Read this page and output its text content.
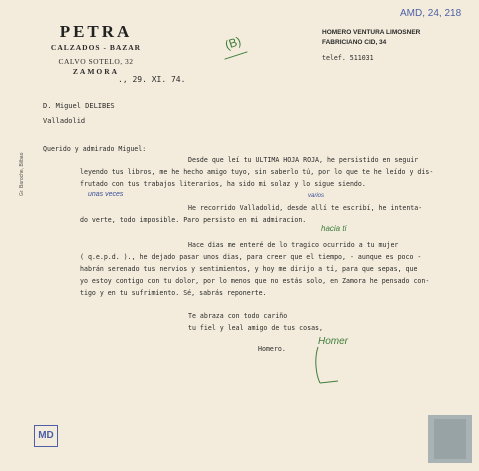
AMD, 24, 218
PETRA
CALZADOS - BAZAR
CALVO SOTELO, 32
ZAMORA
(B)
HOMERO VENTURA LIMOSNER
FABRICIANO CID, 34
telef. 511031
., 29. XI. 74.
D. Miguel DELIBES
Valladolid
Querido y admirado Miguel:
Desde que leí tu ULTIMA HOJA ROJA, he persistido en seguir
leyendo tus libros, me he hecho amigo tuyo, sin saberlo tú, por lo que te he leído y dis-
frutado con tus trabajos literarios, ha sido mi solaz y lo sigue siendo.
unas veces	varios
He recorrido Valladolid, desde allí te escribí, he intenta-
do verte, todo imposible. Paro persisto en mi admiracion.
hacia ti
Hace dias me enteré de lo tragico ocurrido a tu mujer
( q.e.p.d. )., he dejado pasar unos dias, para creer que el tiempo, - aunque es poco -
habrán serenado tus nervios y sentimientos, y hoy me dirijo a tí, para que sepas, que
yo estoy contigo con tu dolor, por lo menos que no estás solo, en Zamora he pensado con-
tigo y en tu sufrimiento. Sé, sabrás reponerte.
Te abraza con todo cariño
tu fiel y leal amigo de tus cosas,
Homero.
Homer
Gr. Baroche, Bilbao
MD
